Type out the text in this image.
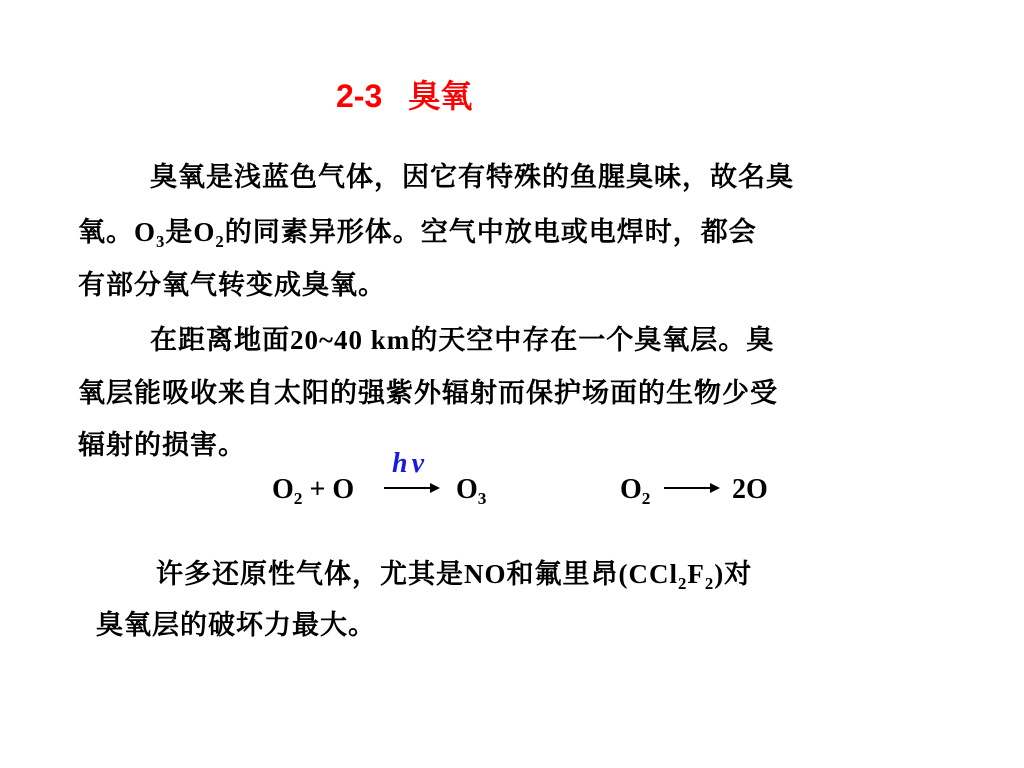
2-3 臭氧
臭氧是浅蓝色气体，因它有特殊的鱼腥臭味，故名臭
氧。$O_3$是$O_2$的同素异形体。空气中放电或电焊时，都会
有部分氧气转变成臭氧。
在距离地面20~40 km的天空中存在一个臭氧层。臭
氧层能吸收来自太阳的强紫外辐射而保护场面的生物少受
辐射的损害。
hν
$O_2 + O$	$O_3$	$O_2$	2O
许多还原性气体，尤其是NO和氟里昂$(CCl_2F_2)$对
臭氧层的破坏力最大。
